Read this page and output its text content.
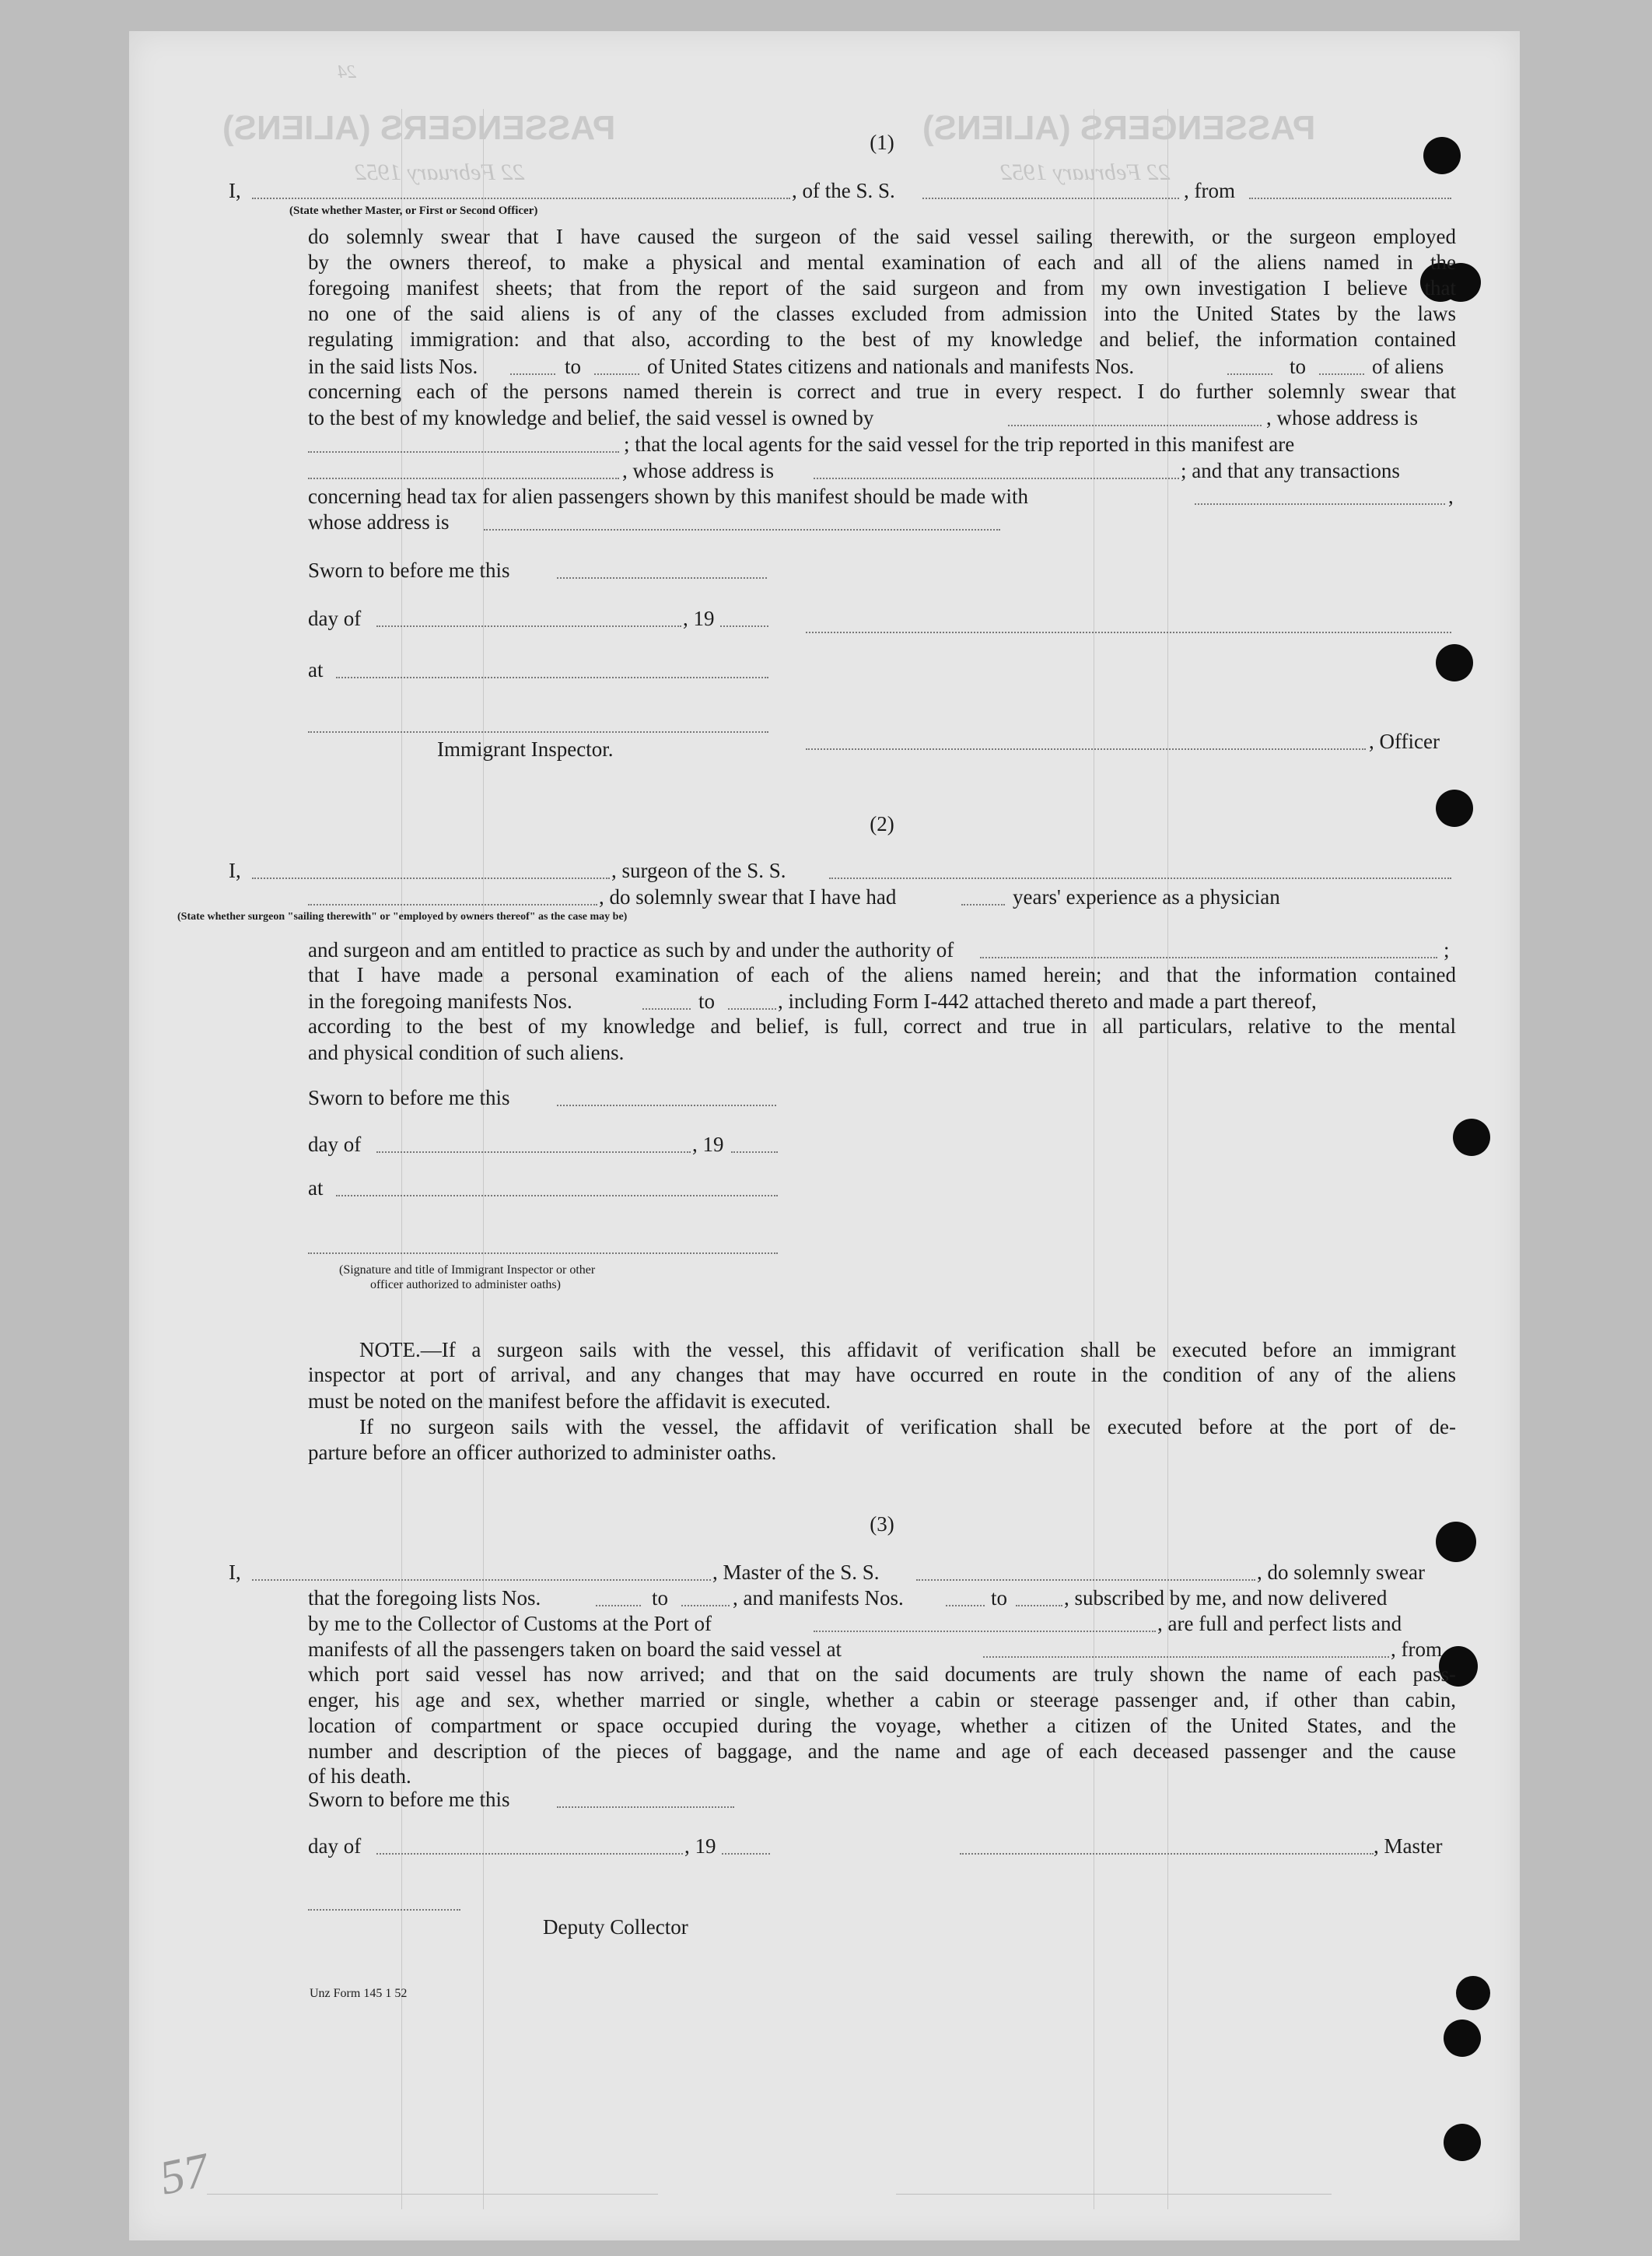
PASSENGERS (ALIENS)	PASSENGERS (ALIENS)
22 February 1952	22 February 1952
24
57
(1)
I,	, of the S. S.	, from
(State whether Master, or First or Second Officer)
do solemnly swear that I have caused the surgeon of the said vessel sailing therewith, or the surgeon employed
by the owners thereof, to make a physical and mental examination of each and all of the aliens named in the
foregoing manifest sheets; that from the report of the said surgeon and from my own investigation I believe that
no one of the said aliens is of any of the classes excluded from admission into the United States by the laws
regulating immigration: and that also, according to the best of my knowledge and belief, the information contained
in the said lists Nos.	to	of United States citizens and nationals and manifests Nos.	to	of aliens
concerning each of the persons named therein is correct and true in every respect. I do further solemnly swear that
to the best of my knowledge and belief, the said vessel is owned by	, whose address is
; that the local agents for the said vessel for the trip reported in this manifest are
, whose address is	; and that any transactions
concerning head tax for alien passengers shown by this manifest should be made with	,
whose address is
Sworn to before me this
day of	, 19
at
, Officer
Immigrant Inspector.
(2)
I,	, surgeon of the S. S.
, do solemnly swear that I have had	years' experience as a physician
(State whether surgeon "sailing therewith" or "employed by owners thereof" as the case may be)
and surgeon and am entitled to practice as such by and under the authority of	;
that I have made a personal examination of each of the aliens named herein; and that the information contained
in the foregoing manifests Nos.	to	, including Form I-442 attached thereto and made a part thereof,
according to the best of my knowledge and belief, is full, correct and true in all particulars, relative to the mental
and physical condition of such aliens.
Sworn to before me this
day of	, 19
at
(Signature and title of Immigrant Inspector or other
officer authorized to administer oaths)
NOTE.—If a surgeon sails with the vessel, this affidavit of verification shall be executed before an immigrant
inspector at port of arrival, and any changes that may have occurred en route in the condition of any of the aliens
must be noted on the manifest before the affidavit is executed.
If no surgeon sails with the vessel, the affidavit of verification shall be executed before at the port of de-
parture before an officer authorized to administer oaths.
(3)
I,	, Master of the S. S.	, do solemnly swear
that the foregoing lists Nos.	to	, and manifests Nos.	to	, subscribed by me, and now delivered
by me to the Collector of Customs at the Port of	, are full and perfect lists and
manifests of all the passengers taken on board the said vessel at	, from
which port said vessel has now arrived; and that on the said documents are truly shown the name of each pass-
enger, his age and sex, whether married or single, whether a cabin or steerage passenger and, if other than cabin,
location of compartment or space occupied during the voyage, whether a citizen of the United States, and the
number and description of the pieces of baggage, and the name and age of each deceased passenger and the cause
of his death.
Sworn to before me this
day of	, 19	, Master
Deputy Collector
Unz Form 145 1 52
